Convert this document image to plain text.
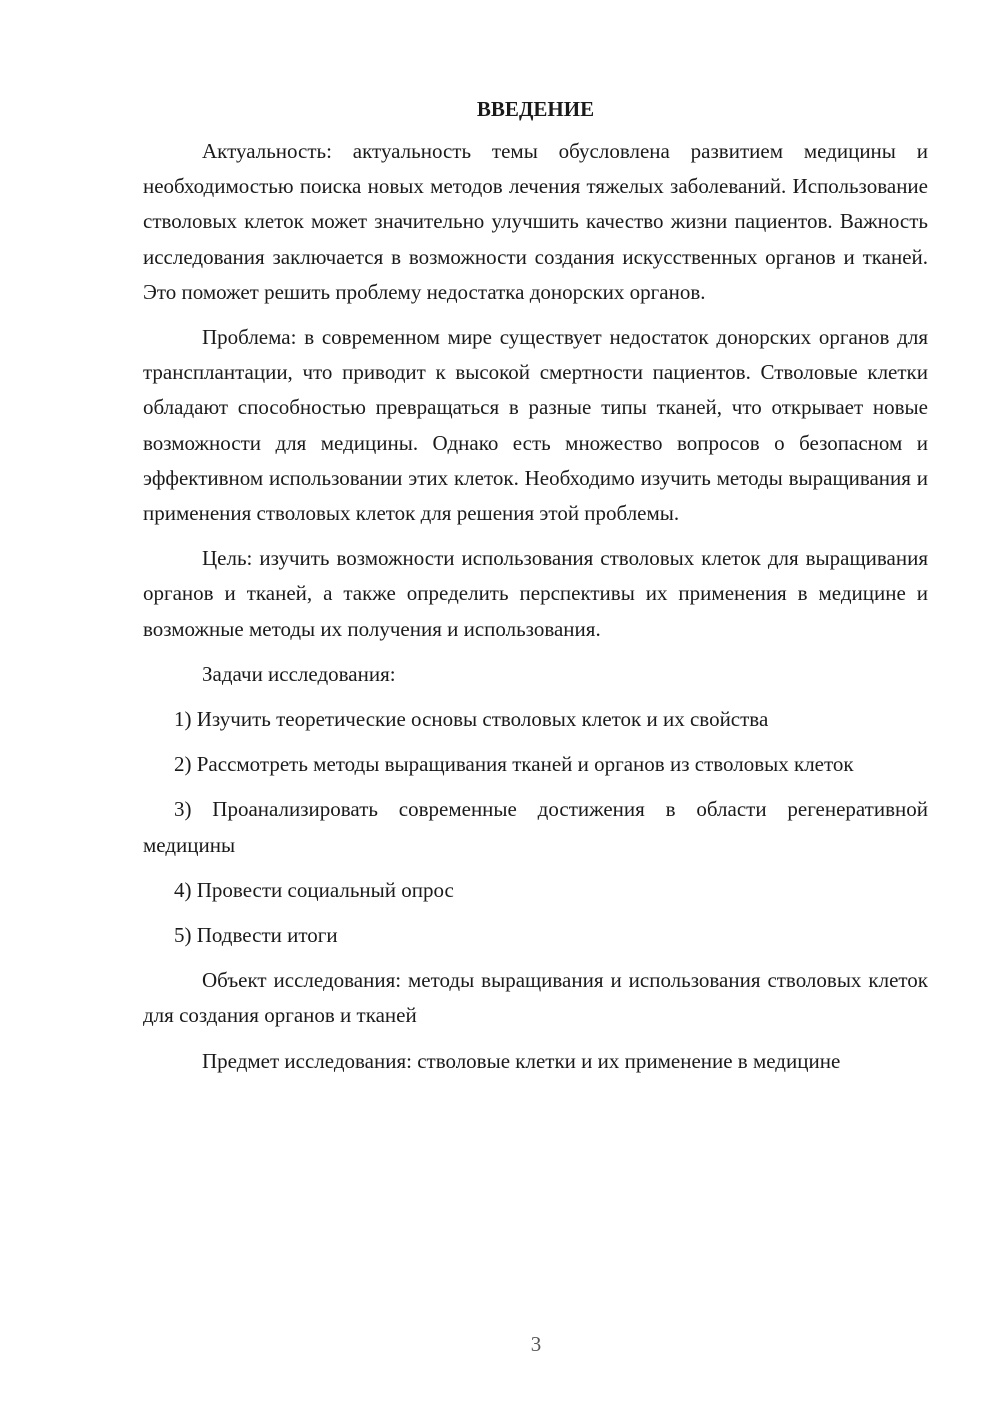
ВВЕДЕНИЕ

Актуальность: актуальность темы обусловлена развитием медицины и необходимостью поиска новых методов лечения тяжелых заболеваний. Использование стволовых клеток может значительно улучшить качество жизни пациентов. Важность исследования заключается в возможности создания искусственных органов и тканей. Это поможет решить проблему недостатка донорских органов.

Проблема: в современном мире существует недостаток донорских органов для трансплантации, что приводит к высокой смертности пациентов. Стволовые клетки обладают способностью превращаться в разные типы тканей, что открывает новые возможности для медицины. Однако есть множество вопросов о безопасном и эффективном использовании этих клеток. Необходимо изучить методы выращивания и применения стволовых клеток для решения этой проблемы.

Цель: изучить возможности использования стволовых клеток для выращивания органов и тканей, а также определить перспективы их применения в медицине и возможные методы их получения и использования.

Задачи исследования:

1) Изучить теоретические основы стволовых клеток и их свойства

2) Рассмотреть методы выращивания тканей и органов из стволовых клеток

3) Проанализировать современные достижения в области регенеративной медицины

4) Провести социальный опрос

5) Подвести итоги

Объект исследования: методы выращивания и использования стволовых клеток для создания органов и тканей

Предмет исследования: стволовые клетки и их применение в медицине

3
